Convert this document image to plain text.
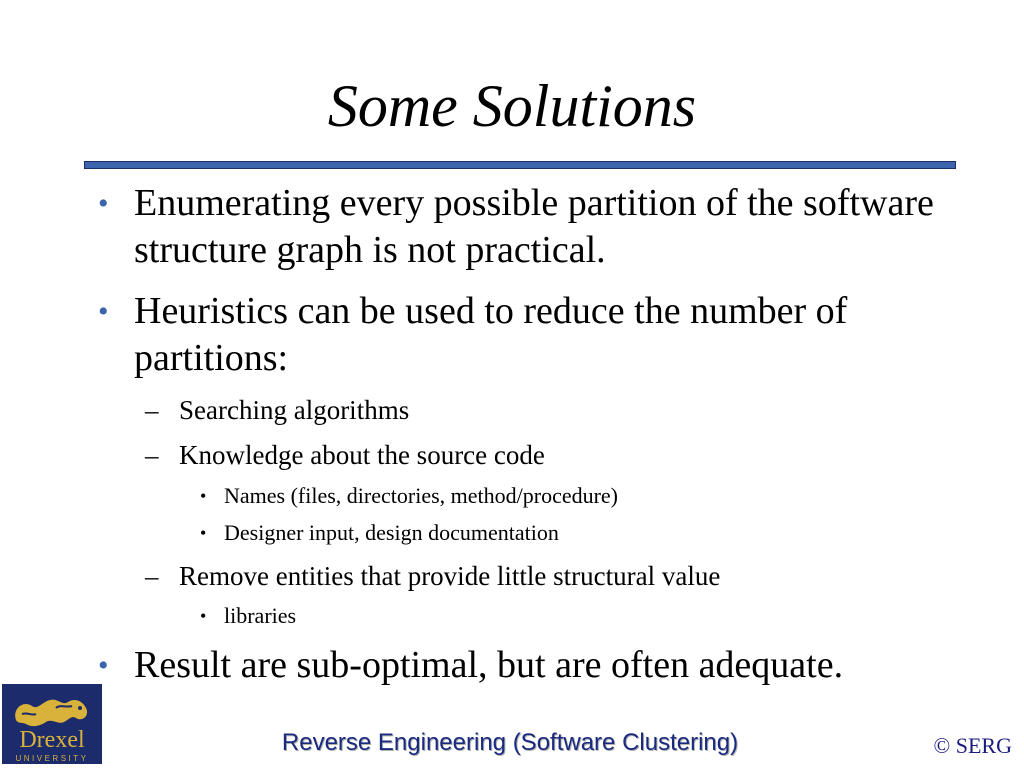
Some Solutions
• Enumerating every possible partition of the software structure graph is not practical.
• Heuristics can be used to reduce the number of partitions:
– Searching algorithms
– Knowledge about the source code
• Names (files, directories, method/procedure)
• Designer input, design documentation
– Remove entities that provide little structural value
• libraries
• Result are sub-optimal, but are often adequate.
Drexel
UNIVERSITY
Reverse Engineering (Software Clustering)	© SERG
